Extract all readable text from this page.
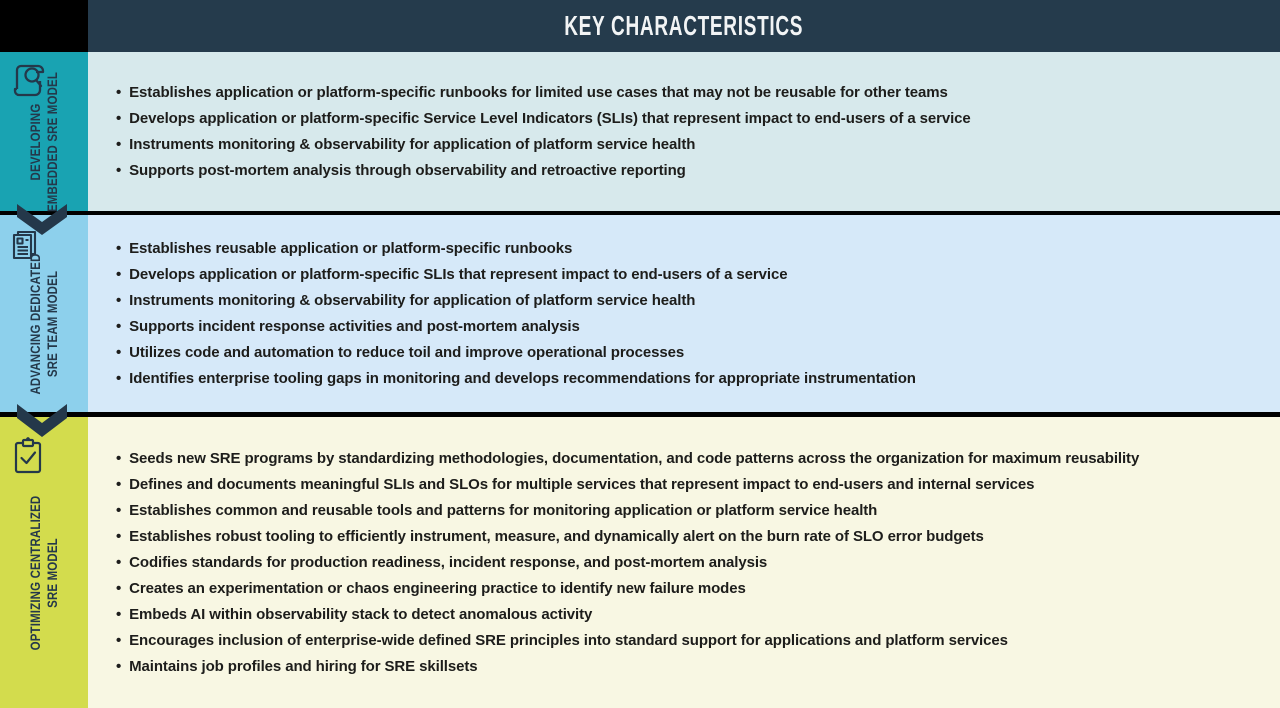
KEY CHARACTERISTICS
DEVELOPING EMBEDDED SRE MODEL	• Establishes application or platform-specific runbooks for limited use cases that may not be reusable for other teams
• Develops application or platform-specific Service Level Indicators (SLIs) that represent impact to end-users of a service
• Instruments monitoring & observability for application of platform service health
• Supports post-mortem analysis through observability and retroactive reporting
ADVANCING DEDICATED SRE TEAM MODEL
• Establishes reusable application or platform-specific runbooks
• Develops application or platform-specific SLIs that represent impact to end-users of a service
• Instruments monitoring & observability for application of platform service health
• Supports incident response activities and post-mortem analysis
• Utilizes code and automation to reduce toil and improve operational processes
• Identifies enterprise tooling gaps in monitoring and develops recommendations for appropriate instrumentation
OPTIMIZING CENTRALIZED SRE MODEL
• Seeds new SRE programs by standardizing methodologies, documentation, and code patterns across the organization for maximum reusability
• Defines and documents meaningful SLIs and SLOs for multiple services that represent impact to end-users and internal services
• Establishes common and reusable tools and patterns for monitoring application or platform service health
• Establishes robust tooling to efficiently instrument, measure, and dynamically alert on the burn rate of SLO error budgets
• Codifies standards for production readiness, incident response, and post-mortem analysis
• Creates an experimentation or chaos engineering practice to identify new failure modes
• Embeds AI within observability stack to detect anomalous activity
• Encourages inclusion of enterprise-wide defined SRE principles into standard support for applications and platform services
• Maintains job profiles and hiring for SRE skillsets
